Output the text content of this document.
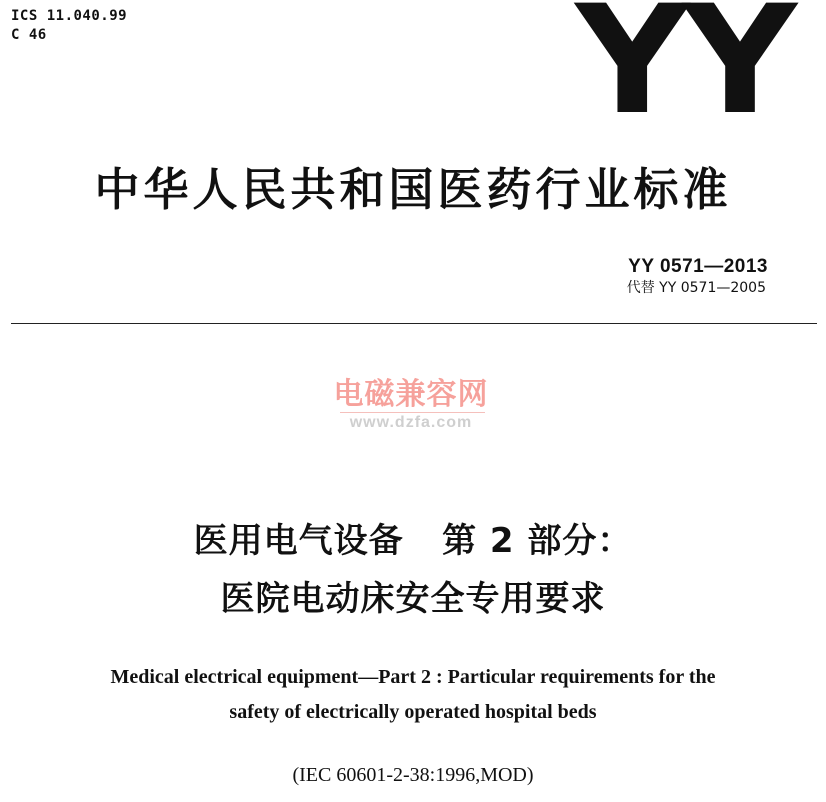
ICS 11.040.99
C 46	YY
中华人民共和国医药行业标准
YY 0571—2013
代替 YY 0571—2005
电磁兼容网
www.dzfa.com
医用电气设备   第 2 部分：
医院电动床安全专用要求
Medical electrical equipment—Part 2 : Particular requirements for the
safety of electrically operated hospital beds
(IEC 60601-2-38:1996,MOD)
